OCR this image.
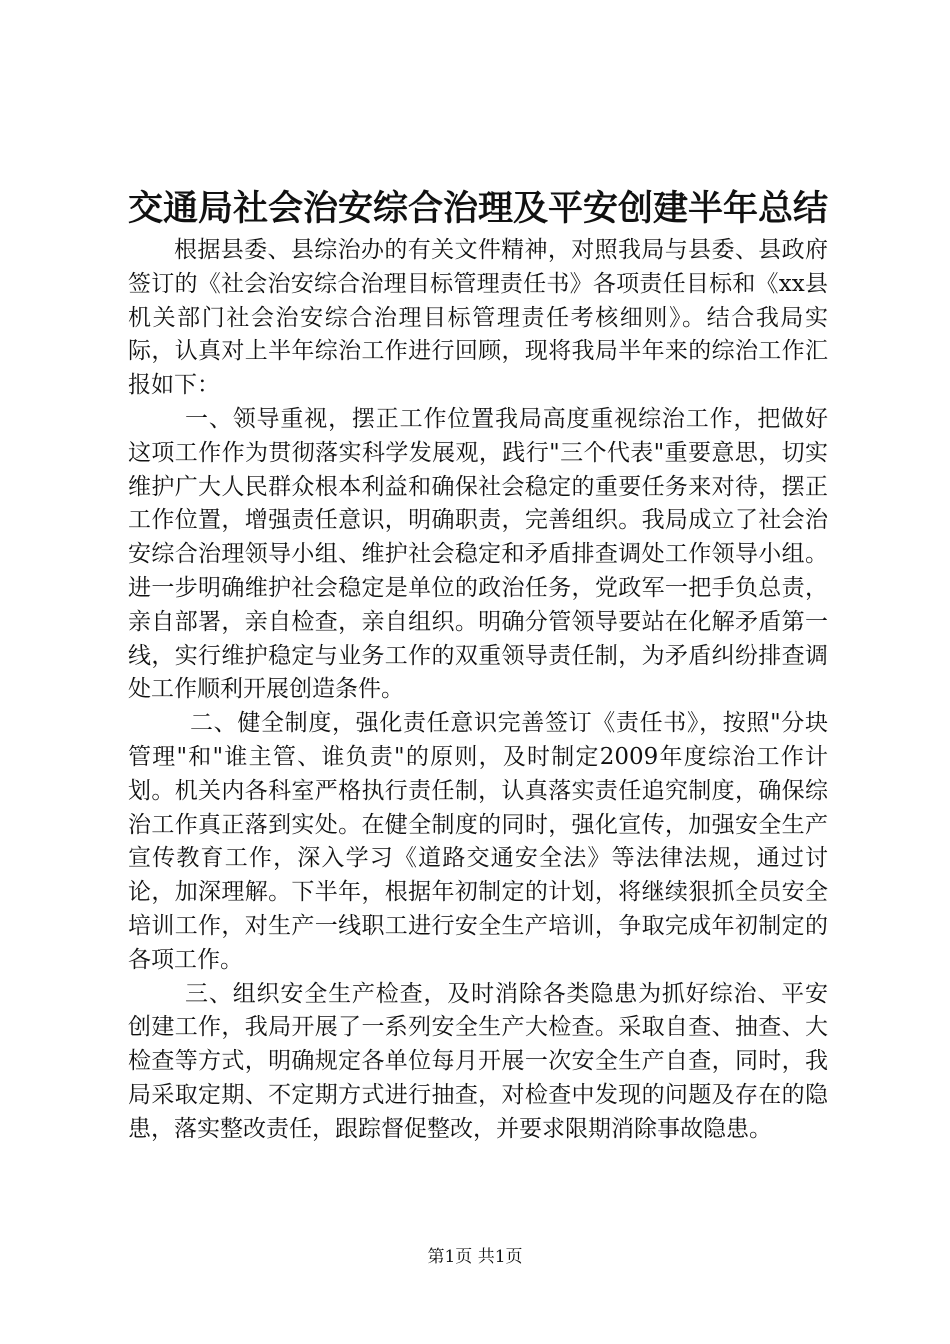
交通局社会治安综合治理及平安创建半年总结

根据县委、县综治办的有关文件精神，对照我局与县委、县政府签订的《社会治安综合治理目标管理责任书》各项责任目标和《xx县机关部门社会治安综合治理目标管理责任考核细则》。结合我局实际，认真对上半年综治工作进行回顾，现将我局半年来的综治工作汇报如下：

一、领导重视，摆正工作位置我局高度重视综治工作，把做好这项工作作为贯彻落实科学发展观，践行"三个代表"重要意思，切实维护广大人民群众根本利益和确保社会稳定的重要任务来对待，摆正工作位置，增强责任意识，明确职责，完善组织。我局成立了社会治安综合治理领导小组、维护社会稳定和矛盾排查调处工作领导小组。进一步明确维护社会稳定是单位的政治任务，党政军一把手负总责，亲自部署，亲自检查，亲自组织。明确分管领导要站在化解矛盾第一线，实行维护稳定与业务工作的双重领导责任制，为矛盾纠纷排查调处工作顺利开展创造条件。

二、健全制度，强化责任意识完善签订《责任书》，按照"分块管理"和"谁主管、谁负责"的原则，及时制定2009年度综治工作计划。机关内各科室严格执行责任制，认真落实责任追究制度，确保综治工作真正落到实处。在健全制度的同时，强化宣传，加强安全生产宣传教育工作，深入学习《道路交通安全法》等法律法规，通过讨论，加深理解。下半年，根据年初制定的计划，将继续狠抓全员安全培训工作，对生产一线职工进行安全生产培训，争取完成年初制定的各项工作。

三、组织安全生产检查，及时消除各类隐患为抓好综治、平安创建工作，我局开展了一系列安全生产大检查。采取自查、抽查、大检查等方式，明确规定各单位每月开展一次安全生产自查，同时，我局采取定期、不定期方式进行抽查，对检查中发现的问题及存在的隐患，落实整改责任，跟踪督促整改，并要求限期消除事故隐患。

第1页 共1页
